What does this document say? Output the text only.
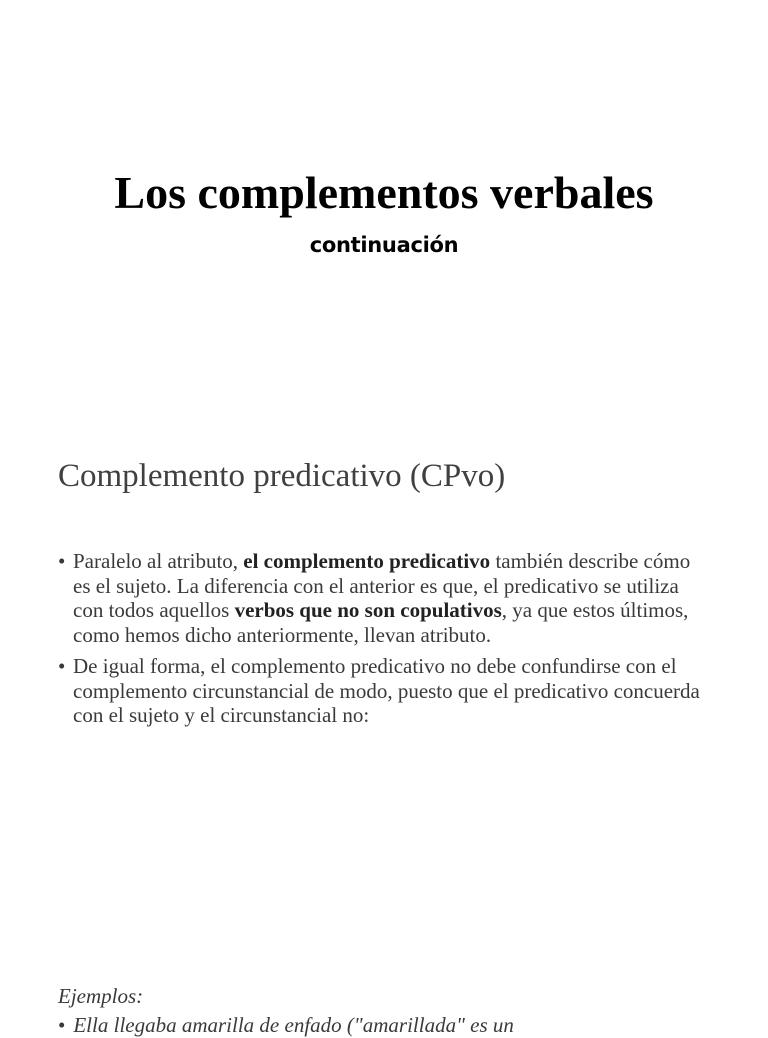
Los complementos verbales
continuación
Complemento predicativo (CPvo)
• Paralelo al atributo, el complemento predicativo también describe cómo es el sujeto. La diferencia con el anterior es que, el predicativo se utiliza con todos aquellos verbos que no son copulativos, ya que estos últimos, como hemos dicho anteriormente, llevan atributo.
• De igual forma, el complemento predicativo no debe confundirse con el complemento circunstancial de modo, puesto que el predicativo concuerda con el sujeto y el circunstancial no:
Ejemplos:
• Ella llegaba amarilla de enfado ("amarillada" es un
